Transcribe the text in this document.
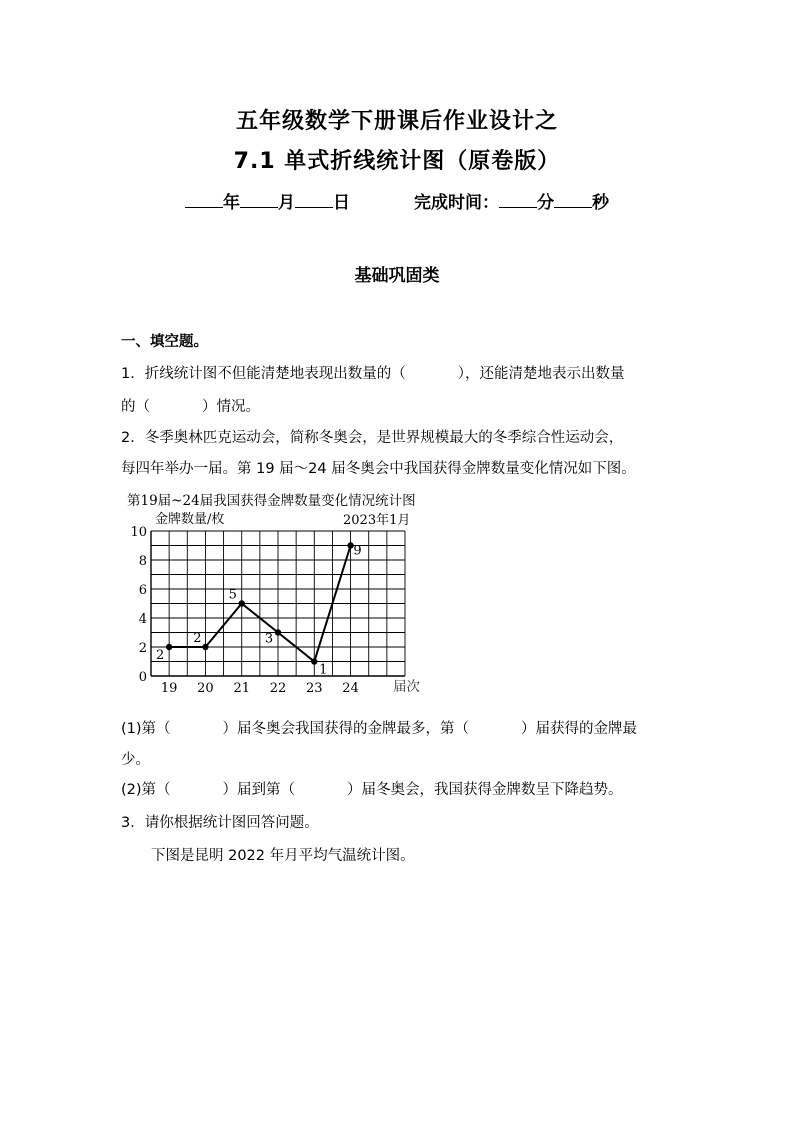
五年级数学下册课后作业设计之
7.1 单式折线统计图（原卷版）
年 月 日	完成时间： 分 秒
基础巩固类
一、填空题。
1．折线统计图不但能清楚地表现出数量的（	），还能清楚地表示出数量
的（	）情况。
2．冬季奥林匹克运动会，简称冬奥会，是世界规模最大的冬季综合性运动会，
每四年举办一届。第 19 届～24 届冬奥会中我国获得金牌数量变化情况如下图。
第19届~24届我国获得金牌数量变化情况统计图
金牌数量/枚	2023年1月
0
2
4
6
8
10
19 20 21 22 23 24
2
2
5
3
1
9
届次
(1)第（	）届冬奥会我国获得的金牌最多，第（	）届获得的金牌最
少。
(2)第（	）届到第（	）届冬奥会，我国获得金牌数呈下降趋势。
3．请你根据统计图回答问题。
下图是昆明 2022 年月平均气温统计图。
